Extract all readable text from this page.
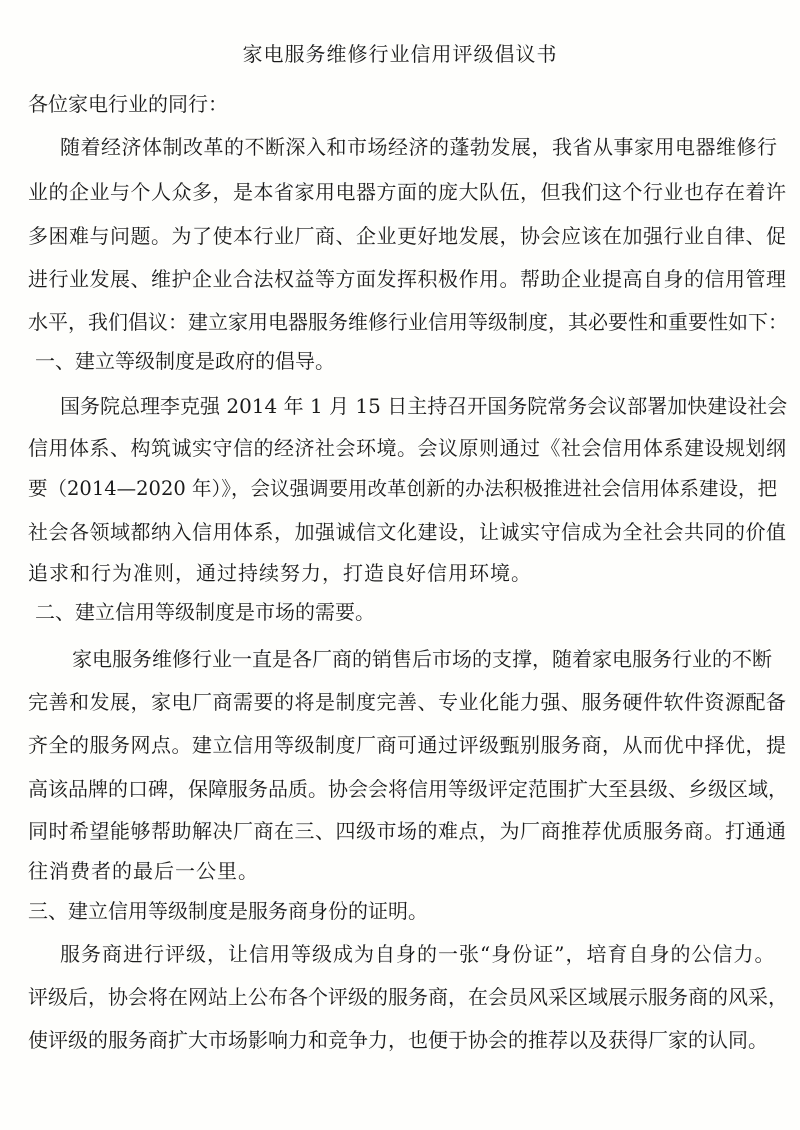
家电服务维修行业信用评级倡议书
各位家电行业的同行：
随着经济体制改革的不断深入和市场经济的蓬勃发展，我省从事家用电器维修行
业的企业与个人众多，是本省家用电器方面的庞大队伍，但我们这个行业也存在着许
多困难与问题。为了使本行业厂商、企业更好地发展，协会应该在加强行业自律、促
进行业发展、维护企业合法权益等方面发挥积极作用。帮助企业提高自身的信用管理
水平，我们倡议：建立家用电器服务维修行业信用等级制度，其必要性和重要性如下：
一、建立等级制度是政府的倡导。
国务院总理李克强 2014 年 1 月 15 日主持召开国务院常务会议部署加快建设社会
信用体系、构筑诚实守信的经济社会环境。会议原则通过《社会信用体系建设规划纲
要（2014—2020 年）》，会议强调要用改革创新的办法积极推进社会信用体系建设，把
社会各领域都纳入信用体系，加强诚信文化建设，让诚实守信成为全社会共同的价值
追求和行为准则，通过持续努力，打造良好信用环境。
二、建立信用等级制度是市场的需要。
家电服务维修行业一直是各厂商的销售后市场的支撑，随着家电服务行业的不断
完善和发展，家电厂商需要的将是制度完善、专业化能力强、服务硬件软件资源配备
齐全的服务网点。建立信用等级制度厂商可通过评级甄别服务商，从而优中择优，提
高该品牌的口碑，保障服务品质。协会会将信用等级评定范围扩大至县级、乡级区域，
同时希望能够帮助解决厂商在三、四级市场的难点，为厂商推荐优质服务商。打通通
往消费者的最后一公里。
三、建立信用等级制度是服务商身份的证明。
服务商进行评级，让信用等级成为自身的一张“身份证”，培育自身的公信力。
评级后，协会将在网站上公布各个评级的服务商，在会员风采区域展示服务商的风采，
使评级的服务商扩大市场影响力和竞争力，也便于协会的推荐以及获得厂家的认同。
